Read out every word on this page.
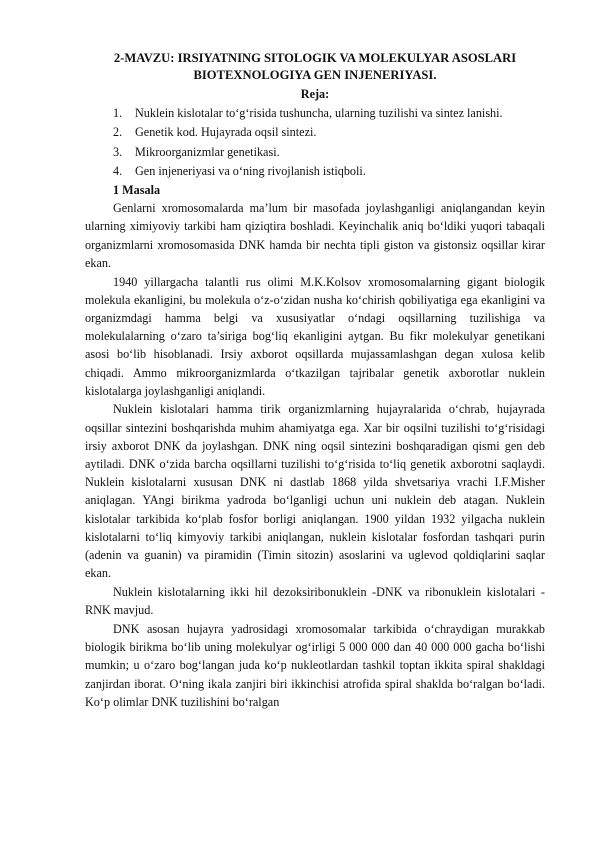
2-MAVZU: IRSIYATNING SITOLOGIK VA MOLEKULYAR ASOSLARI
BIOTEXNOLOGIYA GEN INJENERIYASI.

Reja:

1. Nuklein kislotalar to‘g‘risida tushuncha, ularning tuzilishi va sintez lanishi.
2. Genetik kod. Hujayrada oqsil sintezi.
3. Mikroorganizmlar genetikasi.
4. Gen injeneriyasi va o‘ning rivojlanish istiqboli.

1 Masala

Genlarni xromosomalarda ma’lum bir masofada joylashganligi aniqlangandan keyin ularning ximiyoviy tarkibi ham qiziqtira boshladi. Keyinchalik aniq bo‘ldiki yuqori tabaqali organizmlarni xromosomasida DNK hamda bir nechta tipli giston va gistonsiz oqsillar kirar ekan.

1940 yillargacha talantli rus olimi M.K.Kolsov xromosomalarning gigant biologik molekula ekanligini, bu molekula o‘z-o‘zidan nusha ko‘chirish qobiliyatiga ega ekanligini va organizmdagi hamma belgi va xususiyatlar o‘ndagi oqsillarning tuzilishiga va molekulalarning o‘zaro ta’siriga bog‘liq ekanligini aytgan. Bu fikr molekulyar genetikani asosi bo‘lib hisoblanadi. Irsiy axborot oqsillarda mujassamlashgan degan xulosa kelib chiqadi. Ammo mikroorganizmlarda o‘tkazilgan tajribalar genetik axborotlar nuklein kislotalarga joylashganligi aniqlandi.

Nuklein kislotalari hamma tirik organizmlarning hujayralarida o‘chrab, hujayrada oqsillar sintezini boshqarishda muhim ahamiyatga ega. Xar bir oqsilni tuzilishi to‘g‘risidagi irsiy axborot DNK da joylashgan. DNK ning oqsil sintezini boshqaradigan qismi gen deb aytiladi. DNK o‘zida barcha oqsillarni tuzilishi to‘g‘risida to‘liq genetik axborotni saqlaydi. Nuklein kislotalarni xususan DNK ni dastlab 1868 yilda shvetsariya vrachi I.F.Misher aniqlagan. YAngi birikma yadroda bo‘lganligi uchun uni nuklein deb atagan. Nuklein kislotalar tarkibida ko‘plab fosfor borligi aniqlangan. 1900 yildan 1932 yilgacha nuklein kislotalarni to‘liq kimyoviy tarkibi aniqlangan, nuklein kislotalar fosfordan tashqari purin (adenin va guanin) va piramidin (Timin sitozin) asoslarini va uglevod qoldiqlarini saqlar ekan.

Nuklein kislotalarning ikki hil dezoksiribonuklein -DNK va ribonuklein kislotalari -RNK mavjud.

DNK asosan hujayra yadrosidagi xromosomalar tarkibida o‘chraydigan murakkab biologik birikma bo‘lib uning molekulyar og‘irligi 5 000 000 dan 40 000 000 gacha bo‘lishi mumkin; u o‘zaro bog‘langan juda ko‘p nukleotlardan tashkil toptan ikkita spiral shakldagi zanjirdan iborat. O‘ning ikala zanjiri biri ikkinchisi atrofida spiral shaklda bo‘ralgan bo‘ladi. Ko‘p olimlar DNK tuzilishini bo‘ralgan
